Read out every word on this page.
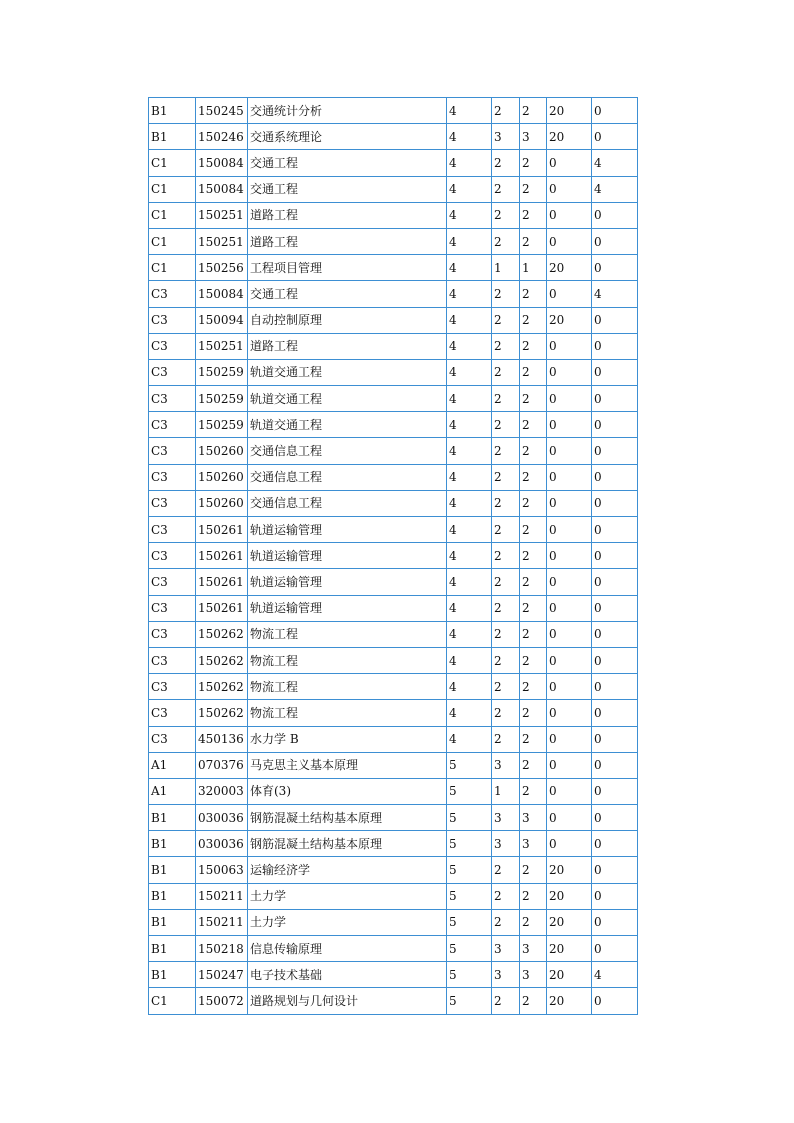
B1	150245	交通统计分析	4	2	2	20	0
B1	150246	交通系统理论	4	3	3	20	0
C1	150084	交通工程	4	2	2	0	4
C1	150084	交通工程	4	2	2	0	4
C1	150251	道路工程	4	2	2	0	0
C1	150251	道路工程	4	2	2	0	0
C1	150256	工程项目管理	4	1	1	20	0
C3	150084	交通工程	4	2	2	0	4
C3	150094	自动控制原理	4	2	2	20	0
C3	150251	道路工程	4	2	2	0	0
C3	150259	轨道交通工程	4	2	2	0	0
C3	150259	轨道交通工程	4	2	2	0	0
C3	150259	轨道交通工程	4	2	2	0	0
C3	150260	交通信息工程	4	2	2	0	0
C3	150260	交通信息工程	4	2	2	0	0
C3	150260	交通信息工程	4	2	2	0	0
C3	150261	轨道运输管理	4	2	2	0	0
C3	150261	轨道运输管理	4	2	2	0	0
C3	150261	轨道运输管理	4	2	2	0	0
C3	150261	轨道运输管理	4	2	2	0	0
C3	150262	物流工程	4	2	2	0	0
C3	150262	物流工程	4	2	2	0	0
C3	150262	物流工程	4	2	2	0	0
C3	150262	物流工程	4	2	2	0	0
C3	450136	水力学 B	4	2	2	0	0
A1	070376	马克思主义基本原理	5	3	2	0	0
A1	320003	体育(3)	5	1	2	0	0
B1	030036	钢筋混凝土结构基本原理	5	3	3	0	0
B1	030036	钢筋混凝土结构基本原理	5	3	3	0	0
B1	150063	运输经济学	5	2	2	20	0
B1	150211	土力学	5	2	2	20	0
B1	150211	土力学	5	2	2	20	0
B1	150218	信息传输原理	5	3	3	20	0
B1	150247	电子技术基础	5	3	3	20	4
C1	150072	道路规划与几何设计	5	2	2	20	0
